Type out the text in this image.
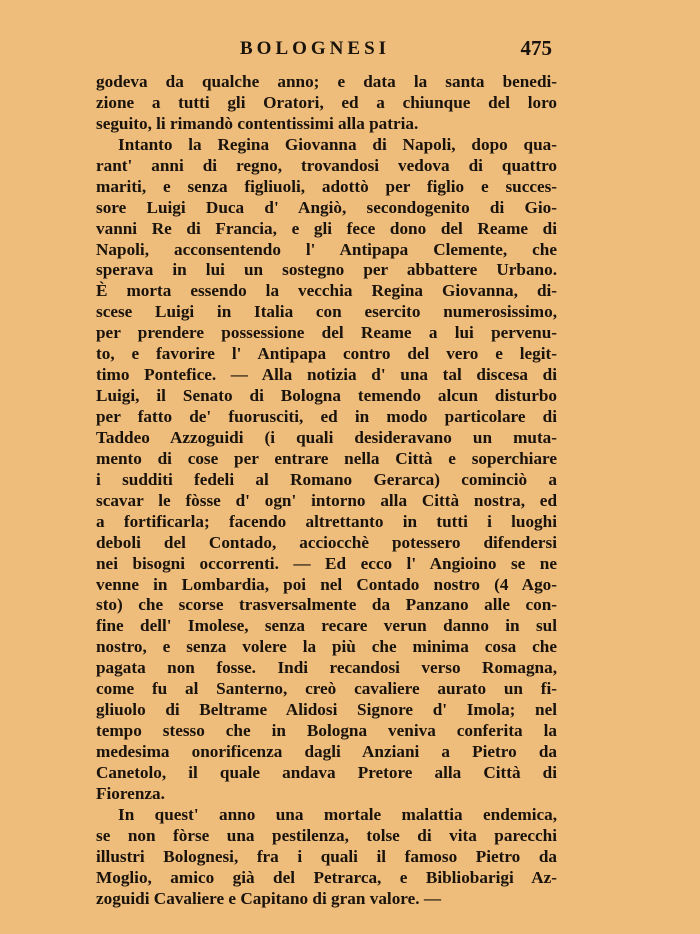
BOLOGNESI	475
godeva da qualche anno; e data la santa benedi-
zione a tutti gli Oratori, ed a chiunque del loro
seguito, li rimandò contentissimi alla patria.
Intanto la Regina Giovanna di Napoli, dopo qua-
rant' anni di regno, trovandosi vedova di quattro
mariti, e senza figliuoli, adottò per figlio e succes-
sore Luigi Duca d' Angiò, secondogenito di Gio-
vanni Re di Francia, e gli fece dono del Reame di
Napoli, acconsentendo l' Antipapa Clemente, che
sperava in lui un sostegno per abbattere Urbano.
È morta essendo la vecchia Regina Giovanna, di-
scese Luigi in Italia con esercito numerosissimo,
per prendere possessione del Reame a lui pervenu-
to, e favorire l' Antipapa contro del vero e legit-
timo Pontefice. — Alla notizia d' una tal discesa di
Luigi, il Senato di Bologna temendo alcun disturbo
per fatto de' fuorusciti, ed in modo particolare di
Taddeo Azzoguidi (i quali desideravano un muta-
mento di cose per entrare nella Città e soperchiare
i sudditi fedeli al Romano Gerarca) cominciò a
scavar le fòsse d' ogn' intorno alla Città nostra, ed
a fortificarla; facendo altrettanto in tutti i luoghi
deboli del Contado, acciocchè potessero difendersi
nei bisogni occorrenti. — Ed ecco l' Angioino se ne
venne in Lombardia, poi nel Contado nostro (4 Ago-
sto) che scorse trasversalmente da Panzano alle con-
fine dell' Imolese, senza recare verun danno in sul
nostro, e senza volere la più che minima cosa che
pagata non fosse. Indi recandosi verso Romagna,
come fu al Santerno, creò cavaliere aurato un fi-
gliuolo di Beltrame Alidosi Signore d' Imola; nel
tempo stesso che in Bologna veniva conferita la
medesima onorificenza dagli Anziani a Pietro da
Canetolo, il quale andava Pretore alla Città di
Fiorenza.
In quest' anno una mortale malattia endemica,
se non fòrse una pestilenza, tolse di vita parecchi
illustri Bolognesi, fra i quali il famoso Pietro da
Moglio, amico già del Petrarca, e Bibliobarigi Az-
zoguidi Cavaliere e Capitano di gran valore. —
